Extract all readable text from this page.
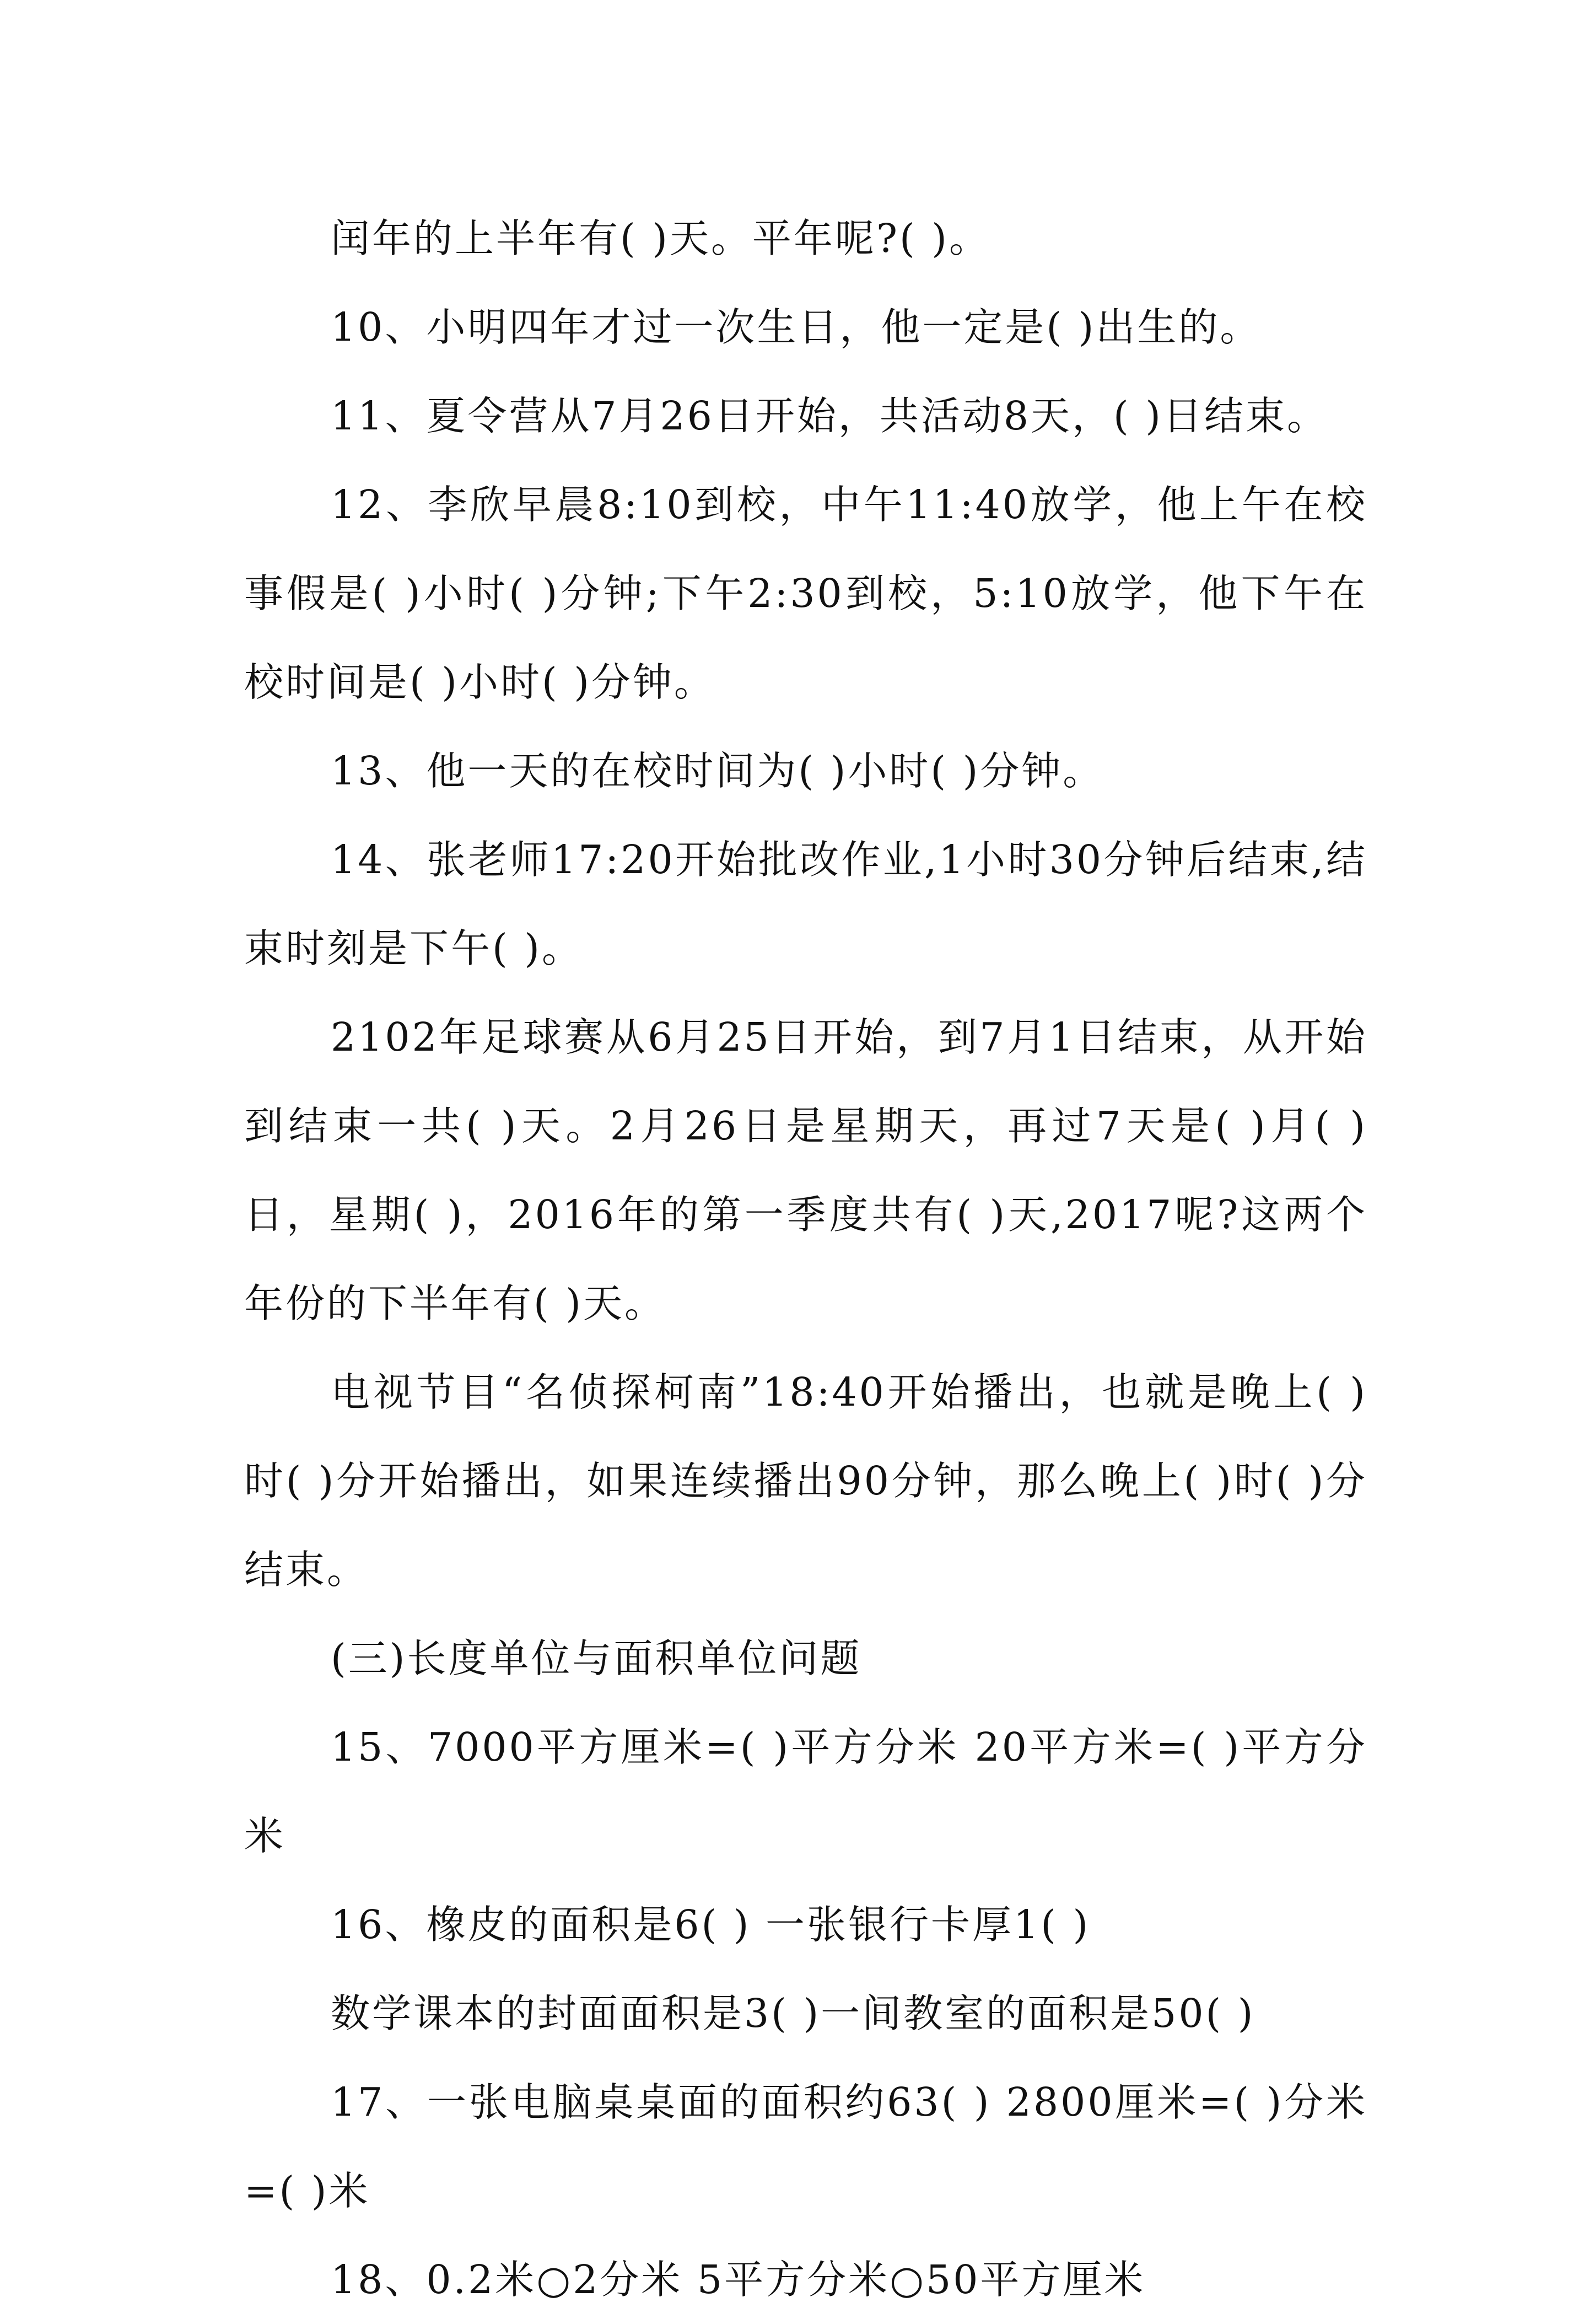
闰年的上半年有( )天。平年呢?( )。

10、小明四年才过一次生日，他一定是( )出生的。

11、夏令营从7月26日开始，共活动8天，( )日结束。

12、李欣早晨8:10到校，中午11:40放学，他上午在校事假是( )小时( )分钟;下午2:30到校，5:10放学，他下午在校时间是( )小时( )分钟。

13、他一天的在校时间为( )小时( )分钟。

14、张老师17:20开始批改作业,1小时30分钟后结束,结束时刻是下午( )。

2102年足球赛从6月25日开始，到7月1日结束，从开始到结束一共( )天。2月26日是星期天，再过7天是( )月( )日，星期( )，2016年的第一季度共有( )天,2017呢?这两个年份的下半年有( )天。

电视节目“名侦探柯南”18:40开始播出，也就是晚上( )时( )分开始播出，如果连续播出90分钟，那么晚上( )时( )分结束。

(三)长度单位与面积单位问题

15、7000平方厘米=( )平方分米 20平方米=( )平方分米

16、橡皮的面积是6( ) 一张银行卡厚1( )

数学课本的封面面积是3( )一间教室的面积是50( )

17、一张电脑桌桌面的面积约63( ) 2800厘米=( )分米=( )米

18、0.2米○2分米 5平方分米○50平方厘米
